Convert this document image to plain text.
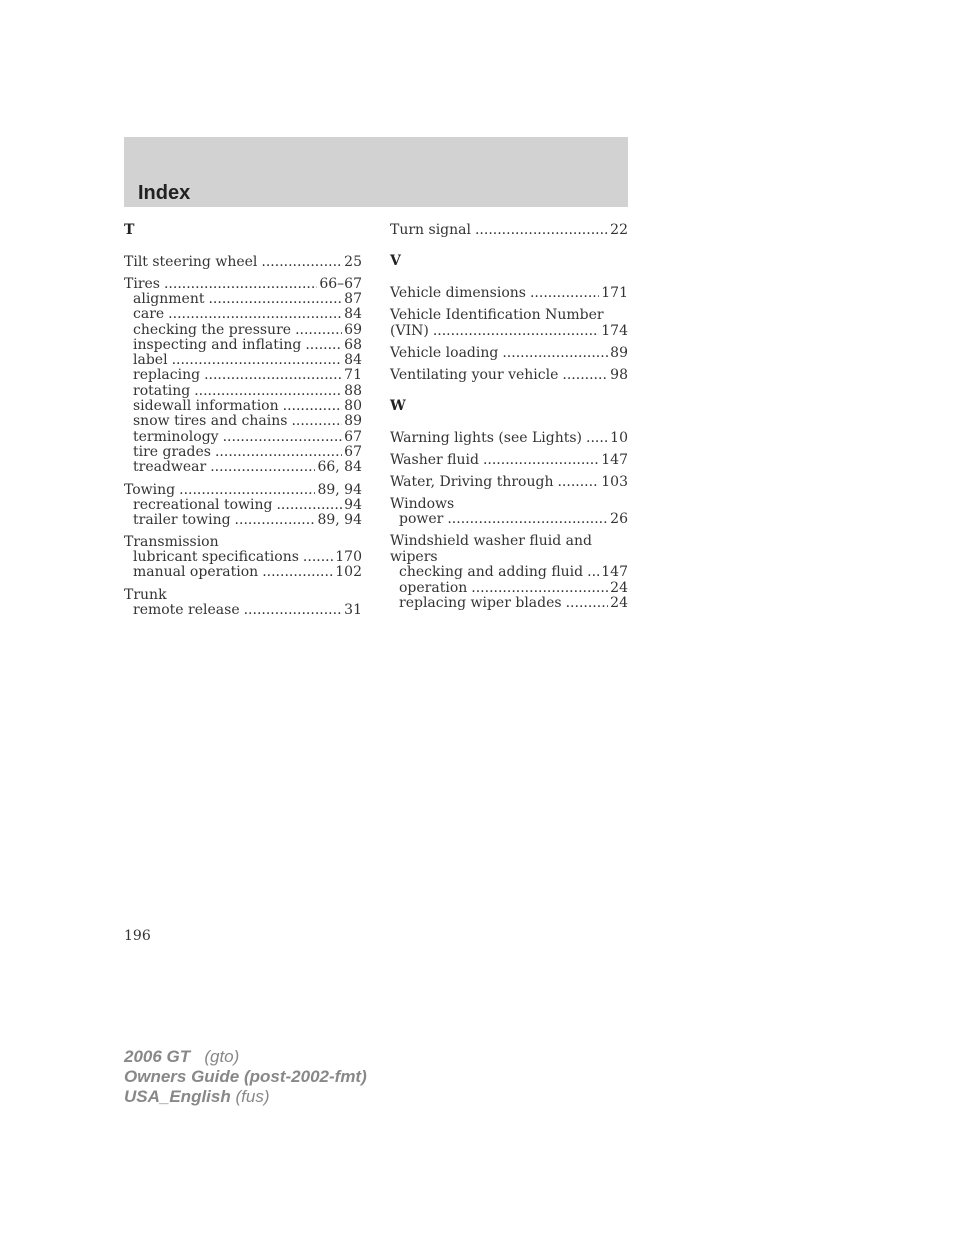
Index
T
Tilt steering wheel .....	25
Tires .....	66–67
alignment .....	87
care .....	84
checking the pressure .....	69
inspecting and inflating .....	68
label .....	84
replacing .....	71
rotating .....	88
sidewall information .....	80
snow tires and chains .....	89
terminology .....	67
tire grades .....	67
treadwear .....	66, 84
Towing .....	89, 94
recreational towing .....	94
trailer towing .....	89, 94
Transmission
lubricant specifications .....	170
manual operation .....	102
Trunk
remote release .....	31
Turn signal .....	22
V
Vehicle dimensions .....	171
Vehicle Identification Number
(VIN) .....	174
Vehicle loading .....	89
Ventilating your vehicle .....	98
W
Warning lights (see Lights) ..... 10
Washer fluid .....	147
Water, Driving through .....	103
Windows
power .....	26
Windshield washer fluid and wipers
checking and adding fluid ..... 147
operation .....	24
replacing wiper blades .....	24
196
2006 GT (gto)
Owners Guide (post-2002-fmt)
USA_English (fus)
